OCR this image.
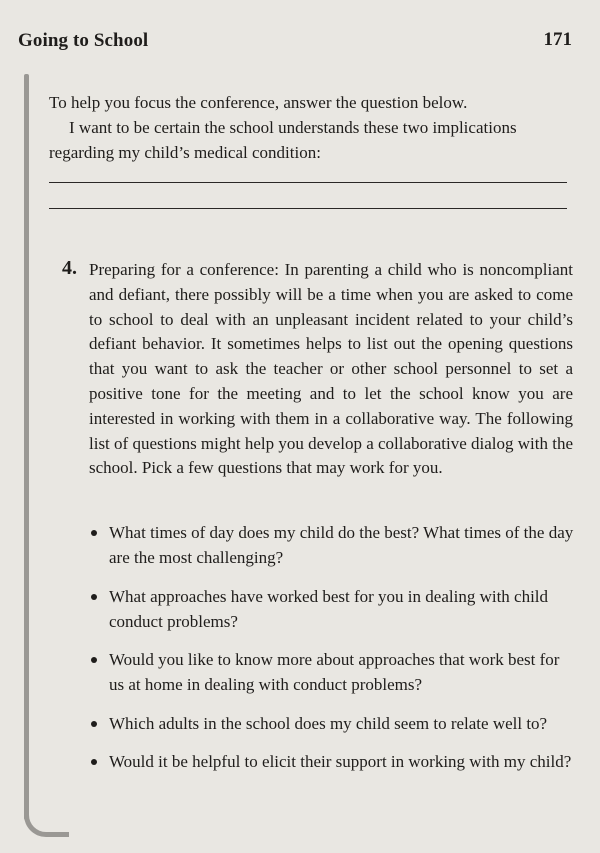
Going to School	171

To help you focus the conference, answer the question below.

I want to be certain the school understands these two implications regarding my child’s medical condition:

4. Preparing for a conference: In parenting a child who is noncompliant and defiant, there possibly will be a time when you are asked to come to school to deal with an unpleasant incident related to your child’s defiant behavior. It sometimes helps to list out the opening questions that you want to ask the teacher or other school personnel to set a positive tone for the meeting and to let the school know you are interested in working with them in a collaborative way. The following list of questions might help you develop a collaborative dialog with the school. Pick a few questions that may work for you.

What times of day does my child do the best? What times of the day are the most challenging?
What approaches have worked best for you in dealing with child conduct problems?
Would you like to know more about approaches that work best for us at home in dealing with conduct problems?
Which adults in the school does my child seem to relate well to?
Would it be helpful to elicit their support in working with my child?
